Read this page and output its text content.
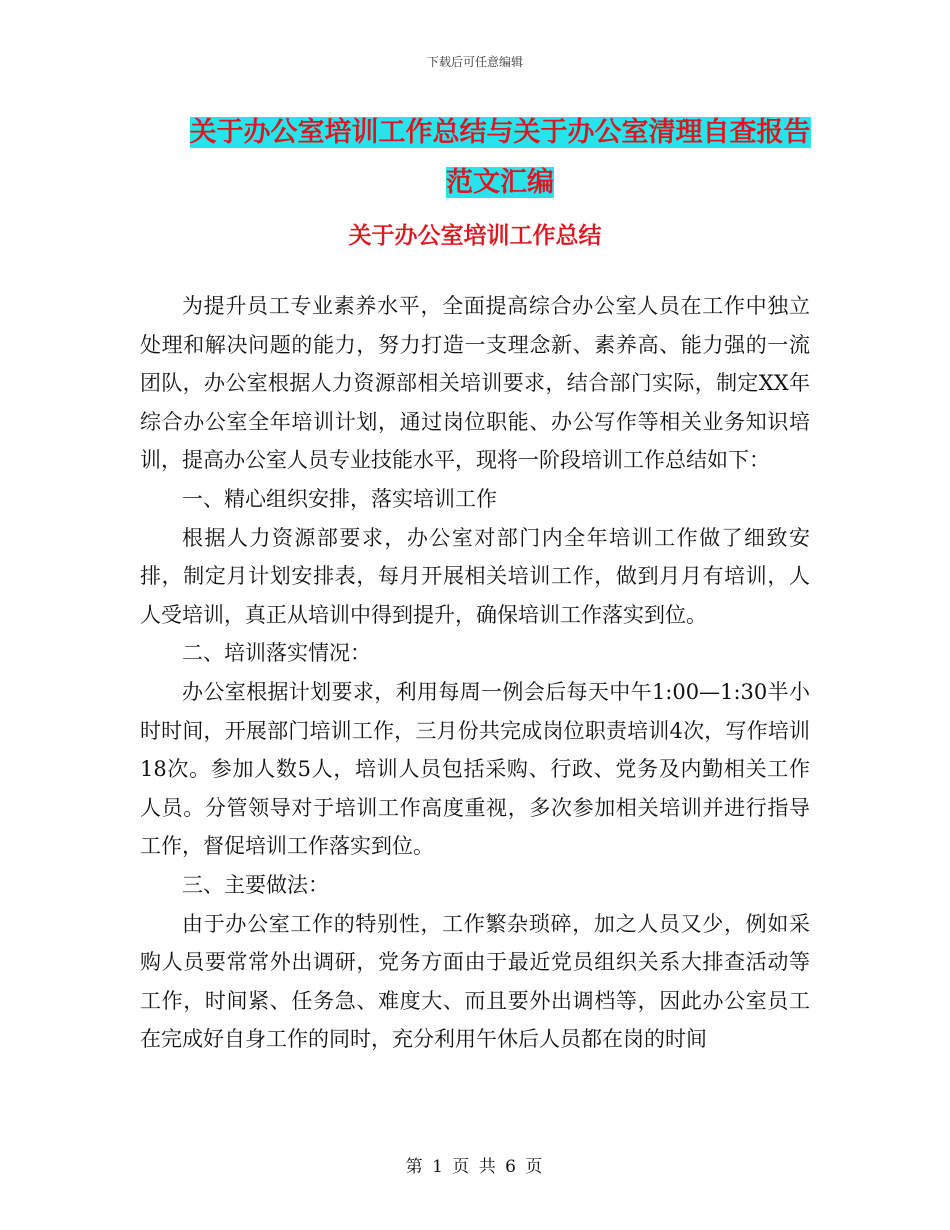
下载后可任意编辑
关于办公室培训工作总结与关于办公室清理自查报告
范文汇编
关于办公室培训工作总结

为提升员工专业素养水平，全面提高综合办公室人员在工作中独立处理和解决问题的能力，努力打造一支理念新、素养高、能力强的一流团队，办公室根据人力资源部相关培训要求，结合部门实际，制定XX年综合办公室全年培训计划，通过岗位职能、办公写作等相关业务知识培训，提高办公室人员专业技能水平，现将一阶段培训工作总结如下：

一、精心组织安排，落实培训工作

根据人力资源部要求，办公室对部门内全年培训工作做了细致安排，制定月计划安排表，每月开展相关培训工作，做到月月有培训，人人受培训，真正从培训中得到提升，确保培训工作落实到位。

二、培训落实情况：

办公室根据计划要求，利用每周一例会后每天中午1:00—1:30半小时时间，开展部门培训工作，三月份共完成岗位职责培训4次，写作培训18次。参加人数5人，培训人员包括采购、行政、党务及内勤相关工作人员。分管领导对于培训工作高度重视，多次参加相关培训并进行指导工作，督促培训工作落实到位。

三、主要做法：

由于办公室工作的特别性，工作繁杂琐碎，加之人员又少，例如采购人员要常常外出调研，党务方面由于最近党员组织关系大排查活动等工作，时间紧、任务急、难度大、而且要外出调档等，因此办公室员工在完成好自身工作的同时，充分利用午休后人员都在岗的时间

第 1 页 共 6 页
